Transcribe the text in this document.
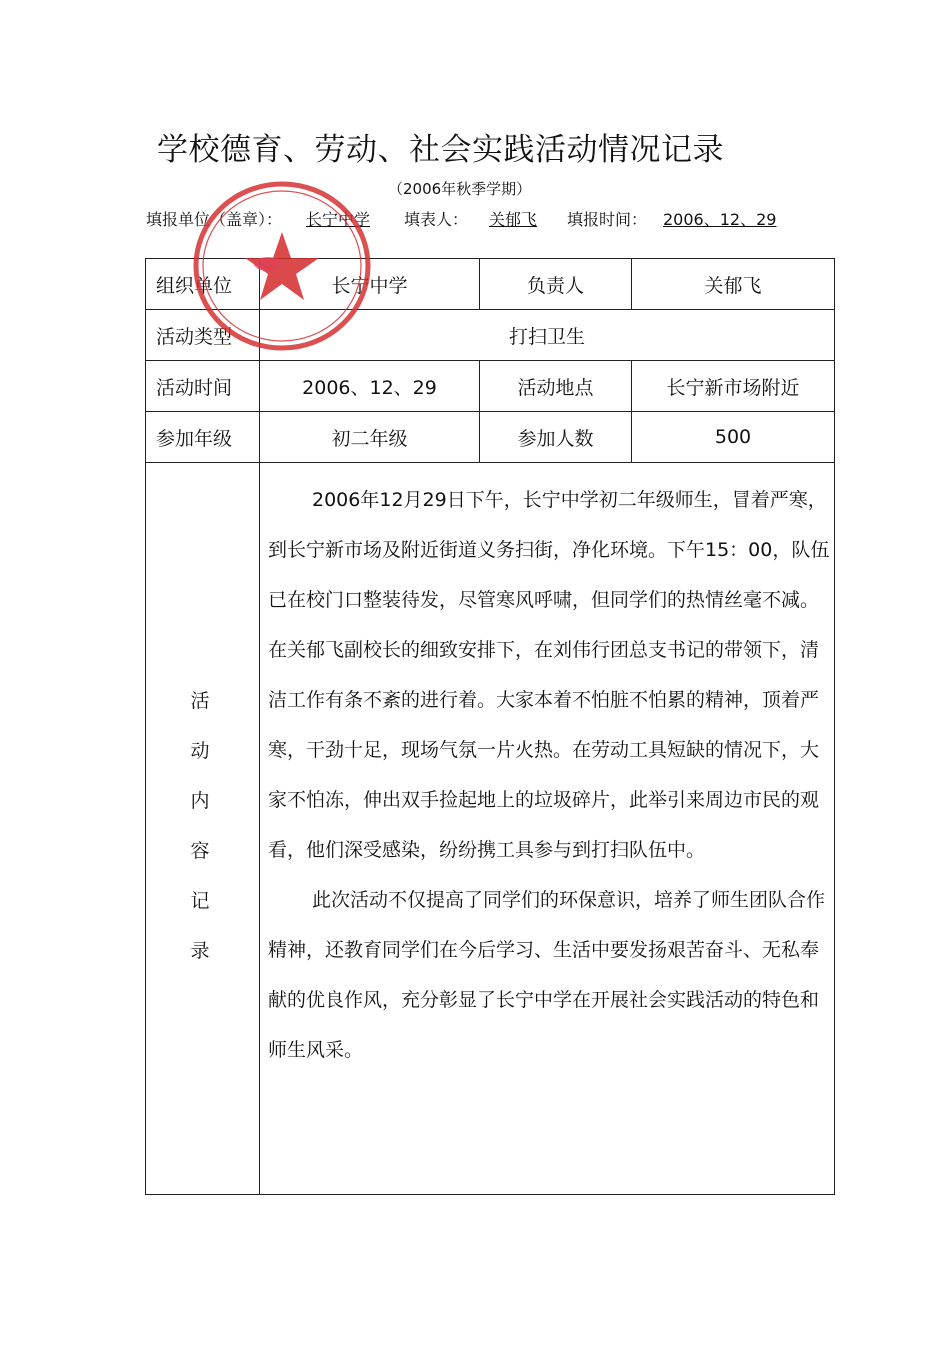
学校德育、劳动、社会实践活动情况记录
（2006年秋季学期）
填报单位（盖章）： 长宁中学 填表人： 关郁飞 填报时间： 2006、12、29
组织单位	长宁中学	负责人	关郁飞
活动类型	打扫卫生		
活动时间	2006、12、29	活动地点	长宁新市场附近
参加年级	初二年级	参加人数	500

	2006年12月29日下午，长宁中学初二年级师生，冒着严寒，到长宁新市场及附近街道义务扫街，净化环境。下午15：00，队伍已在校门口整装待发，尽管寒风呼啸，但同学们的热情丝毫不减。在关郁飞副校长的细致安排下，在刘伟行团总支书记的带领下，清洁工作有条不紊的进行着。大家本着不怕脏不怕累的精神，顶着严寒，干劲十足，现场气氛一片火热。在劳动工具短缺的情况下，大家不怕冻，伸出双手捡起地上的垃圾碎片，此举引来周边市民的观看，他们深受感染，纷纷携工具参与到打扫队伍中。

此次活动不仅提高了同学们的环保意识，培养了师生团队合作精神，还教育同学们在今后学习、生活中要发扬艰苦奋斗、无私奉献的优良作风，充分彰显了长宁中学在开展社会实践活动的特色和师生风采。		

活
动
内
容
记
录
